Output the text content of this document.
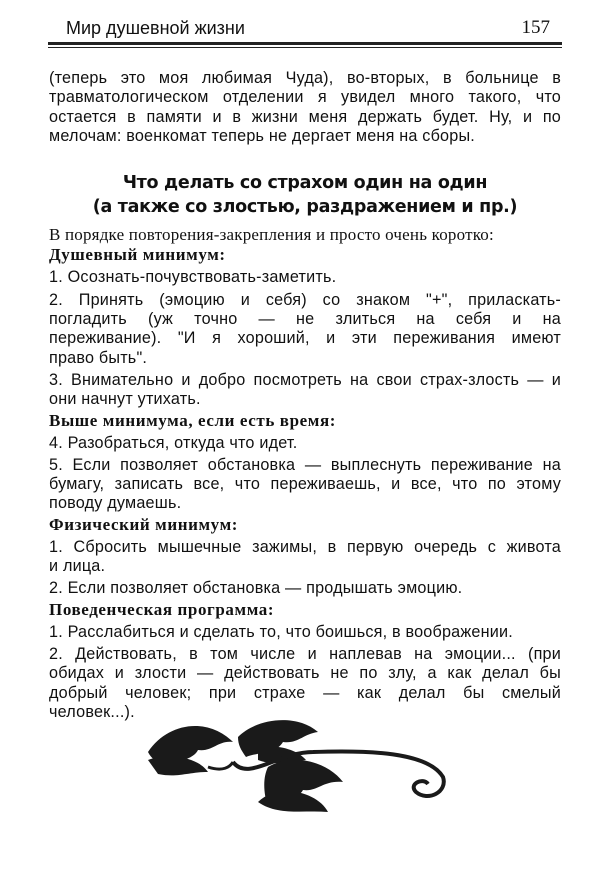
Мир душевной жизни	157
(теперь это моя любимая Чуда), во-вторых, в больнице в
травматологическом отделении я увидел много такого, что
остается в памяти и в жизни меня держать будет. Ну, и по
мелочам: военкомат теперь не дергает меня на сборы.
Что делать со страхом один на один
(а также со злостью, раздражением и пр.)
В порядке повторения-закрепления и просто очень коротко:
Душевный минимум:
1. Осознать-почувствовать-заметить.
2. Принять (эмоцию и себя) со знаком "+", приласкать-
погладить (уж точно — не злиться на себя и на
переживание). "И я хороший, и эти переживания имеют
право быть".
3. Внимательно и добро посмотреть на свои страх-злость — и
они начнут утихать.
Выше минимума, если есть время:
4. Разобраться, откуда что идет.
5. Если позволяет обстановка — выплеснуть переживание на
бумагу, записать все, что переживаешь, и все, что по этому
поводу думаешь.
Физический минимум:
1. Сбросить мышечные зажимы, в первую очередь с живота
и лица.
2. Если позволяет обстановка — продышать эмоцию.
Поведенческая программа:
1. Расслабиться и сделать то, что боишься, в воображении.
2. Действовать, в том числе и наплевав на эмоции... (при
обидах и злости — действовать не по злу, а как делал бы
добрый человек; при страхе — как делал бы смелый
человек...).
